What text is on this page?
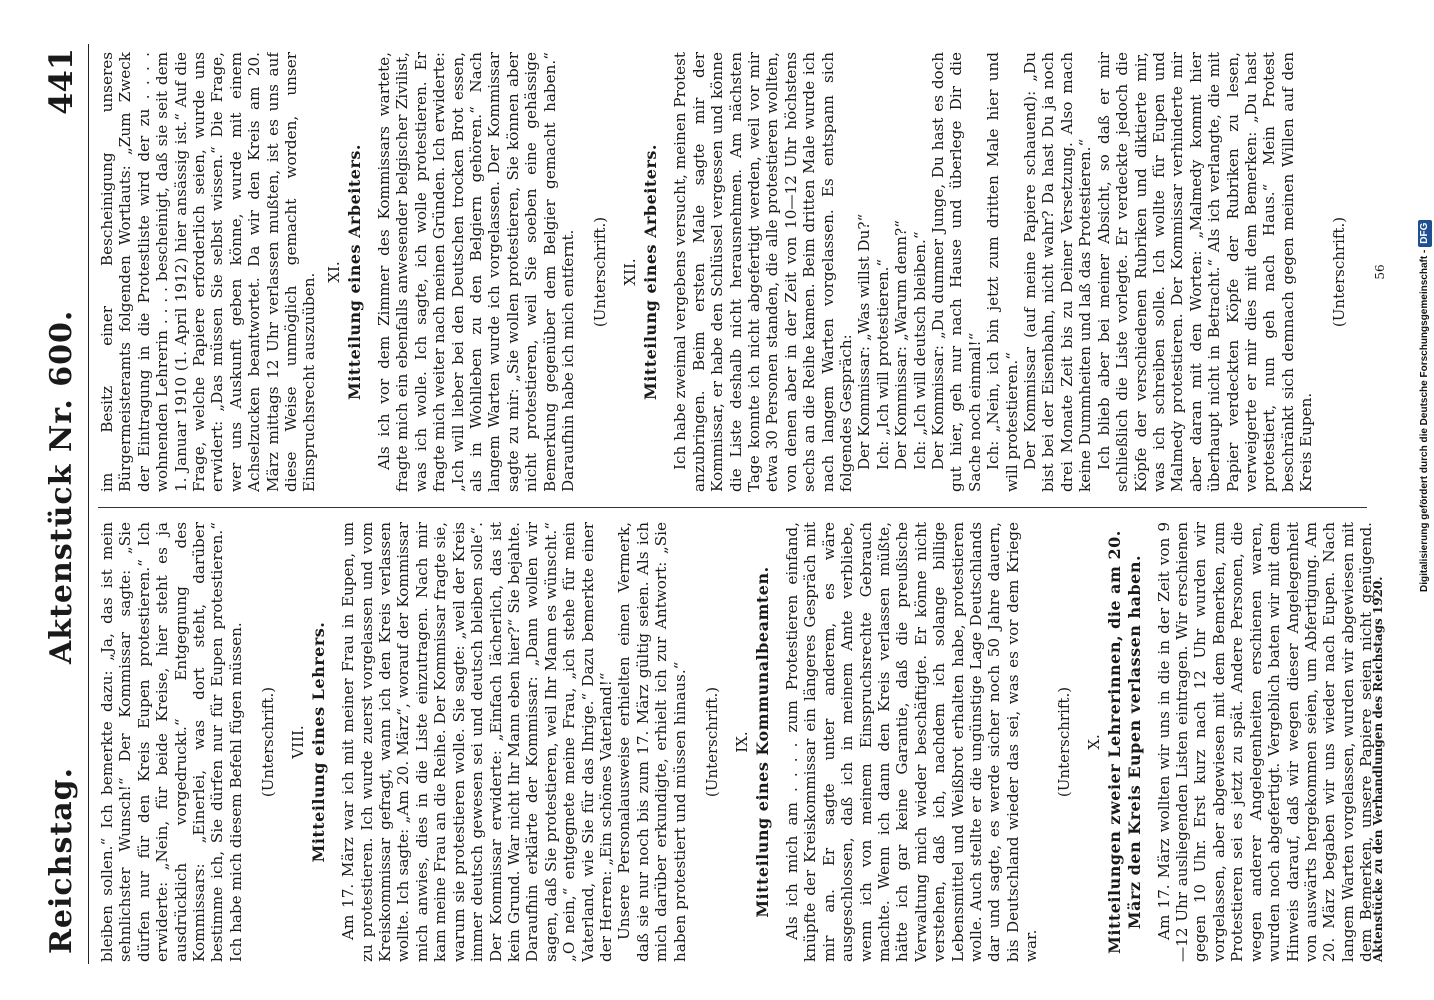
Reichstag.
Aktenstück Nr. 600.
441

bleiben sollen.“ Ich bemerkte dazu: „Ja, das ist mein sehnlichster Wunsch!“ Der Kommissar sagte: „Sie dürfen nur für den Kreis Eupen protestieren.“ Ich erwiderte: „Nein, für beide Kreise, hier steht es ja ausdrücklich vorgedruckt.“ Entgegnung des Kommissars: „Einerlei, was dort steht, darüber bestimme ich, Sie dürfen nur für Eupen protestieren.“ Ich habe mich diesem Befehl fügen müssen. (Unterschrift.) VIII. Mitteilung eines Lehrers. Am 17. März war ich mit meiner Frau in Eupen, um zu protestieren. Ich wurde zuerst vorgelassen und vom Kreiskommissar gefragt, wann ich den Kreis verlassen wollte. Ich sagte: „Am 20. März“, worauf der Kommissar mich anwies, dies in die Liste einzutragen. Nach mir kam meine Frau an die Reihe. Der Kommissar fragte sie, warum sie protestieren wolle. Sie sagte: „weil der Kreis immer deutsch gewesen sei und deutsch bleiben solle“. Der Kommissar erwiderte: „Einfach lächerlich, das ist kein Grund. War nicht Ihr Mann eben hier?“ Sie bejahte. Daraufhin erklärte der Kommissar: „Dann wollen wir sagen, daß Sie protestieren, weil Ihr Mann es wünscht.“ „O nein,“ entgegnete meine Frau, „ich stehe für mein Vaterland, wie Sie für das Ihrige.“ Dazu bemerkte einer der Herren: „Ein schönes Vaterland!“ Unsere Personalausweise erhielten einen Vermerk, daß sie nur noch bis zum 17. März gültig seien. Als ich mich darüber erkundigte, erhielt ich zur Antwort: „Sie haben protestiert und müssen hinaus.“ (Unterschrift.) IX. Mitteilung eines Kommunalbeamten. Als ich mich am . . . . zum Protestieren einfand, knüpfte der Kreiskommissar ein längeres Gespräch mit mir an. Er sagte unter anderem, es wäre ausgeschlossen, daß ich in meinem Amte verbliebe, wenn ich von meinem Einspruchsrechte Gebrauch machte. Wenn ich dann den Kreis verlassen müßte, hätte ich gar keine Garantie, daß die preußische Verwaltung mich wieder beschäftigte. Er könne nicht verstehen, daß ich, nachdem ich solange billige Lebensmittel und Weißbrot erhalten habe, protestieren wolle. Auch stellte er die ungünstige Lage Deutschlands dar und sagte, es werde sicher noch 50 Jahre dauern, bis Deutschland wieder das sei, was es vor dem Kriege war.

(Unterschrift.) X. Mitteilungen zweier Lehrerinnen, die am 20. März den Kreis Eupen verlassen haben. Am 17. März wollten wir uns in die in der Zeit von 9—12 Uhr ausliegenden Listen eintragen. Wir erschienen gegen 10 Uhr. Erst kurz nach 12 Uhr wurden wir vorgelassen, aber abgewiesen mit dem Bemerken, zum Protestieren sei es jetzt zu spät. Andere Personen, die wegen anderer Angelegenheiten erschienen waren, wurden noch abgefertigt. Vergeblich baten wir mit dem Hinweis darauf, daß wir wegen dieser Angelegenheit von auswärts hergekommen seien, um Abfertigung. Am 20. März begaben wir uns wieder nach Eupen. Nach langem Warten vorgelassen, wurden wir abgewiesen mit dem Bemerken, unsere Papiere seien nicht genügend.

Aktenstücke zu den Verhandlungen des Reichstags 1920.

im Besitz einer Bescheinigung unseres Bürgermeisteramts folgenden Wortlauts: „Zum Zweck der Eintragung in die Protestliste wird der zu . . . . wohnenden Lehrerin . . . . bescheinigt, daß sie seit dem 1. Januar 1910 (1. April 1912) hier ansässig ist.“ Auf die Frage, welche Papiere erforderlich seien, wurde uns erwidert: „Das müssen Sie selbst wissen.“ Die Frage, wer uns Auskunft geben könne, wurde mit einem Achselzucken beantwortet. Da wir den Kreis am 20. März mittags 12 Uhr verlassen mußten, ist es uns auf diese Weise unmöglich gemacht worden, unser Einspruchsrecht auszuüben.

XI. Mitteilung eines Arbeiters. Als ich vor dem Zimmer des Kommissars wartete, fragte mich ein ebenfalls anwesender belgischer Zivilist, was ich wolle. Ich sagte, ich wolle protestieren. Er fragte mich weiter nach meinen Gründen. Ich erwiderte: „Ich will lieber bei den Deutschen trocken Brot essen, als in Wohlleben zu den Belgiern gehören.“ Nach langem Warten wurde ich vorgelassen. Der Kommissar sagte zu mir: „Sie wollen protestieren, Sie können aber nicht protestieren, weil Sie soeben eine gehässige Bemerkung gegenüber dem Belgier gemacht haben.“ Daraufhin habe ich mich entfernt. (Unterschrift.) XII. Mitteilung eines Arbeiters. Ich habe zweimal vergebens versucht, meinen Protest anzubringen. Beim ersten Male sagte mir der Kommissar, er habe den Schlüssel vergessen und könne die Liste deshalb nicht herausnehmen. Am nächsten Tage konnte ich nicht abgefertigt werden, weil vor mir etwa 30 Personen standen, die alle protestieren wollten, von denen aber in der Zeit von 10—12 Uhr höchstens sechs an die Reihe kamen. Beim dritten Male wurde ich nach langem Warten vorgelassen. Es entspann sich folgendes Gespräch: Der Kommissar: „Was willst Du?“ Ich: „Ich will protestieren.“ Der Kommissar: „Warum denn?“ Ich: „Ich will deutsch bleiben.“ Der Kommissar: „Du dummer Junge, Du hast es doch gut hier, geh nur nach Hause und überlege Dir die Sache noch einmal!“ Ich: „Nein, ich bin jetzt zum dritten Male hier und will protestieren.“ Der Kommissar (auf meine Papiere schauend): „Du bist bei der Eisenbahn, nicht wahr? Da hast Du ja noch drei Monate Zeit bis zu Deiner Versetzung. Also mach keine Dummheiten und laß das Protestieren.“ Ich blieb aber bei meiner Absicht, so daß er mir schließlich die Liste vorlegte. Er verdeckte jedoch die Köpfe der verschiedenen Rubriken und diktierte mir, was ich schreiben solle. Ich wollte für Eupen und Malmedy protestieren. Der Kommissar verhinderte mir aber daran mit den Worten: „Malmedy kommt hier überhaupt nicht in Betracht.“ Als ich verlangte, die mit Papier verdeckten Köpfe der Rubriken zu lesen, verweigerte er mir dies mit dem Bemerken: „Du hast protestiert, nun geh nach Haus.“ Mein Protest beschränkt sich demnach gegen meinen Willen auf den Kreis Eupen.

(Unterschrift.) 56	Digitalisierung gefördert durch die Deutsche Forschungsgemeinschaft -DFG
